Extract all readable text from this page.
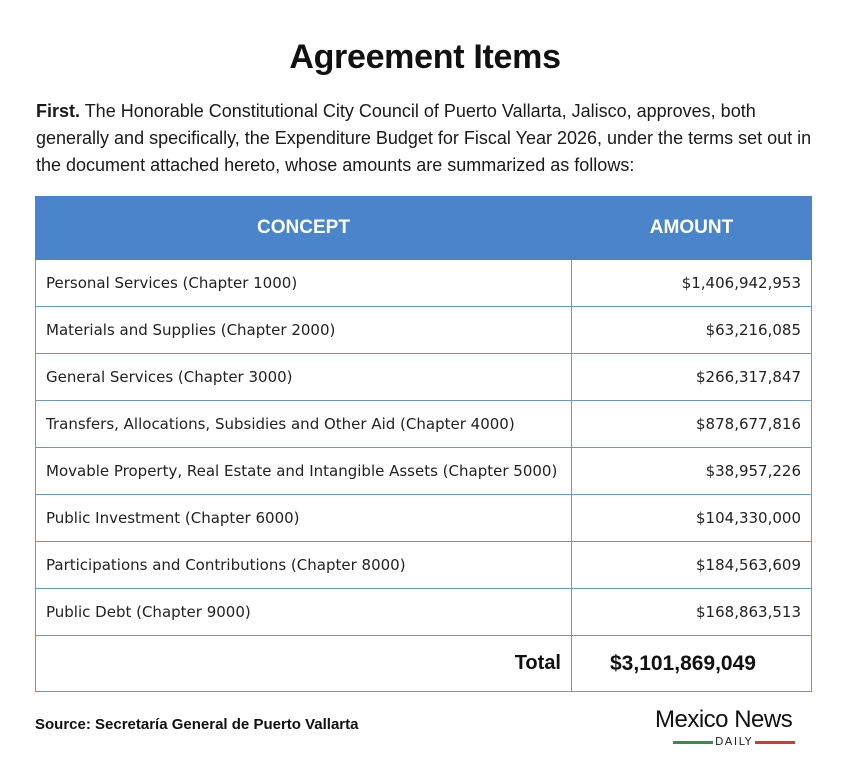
Agreement Items

First. The Honorable Constitutional City Council of Puerto Vallarta, Jalisco, approves, both generally and specifically, the Expenditure Budget for Fiscal Year 2026, under the terms set out in the document attached hereto, whose amounts are summarized as follows:

CONCEPT	AMOUNT
Personal Services (Chapter 1000)	$1,406,942,953
Materials and Supplies (Chapter 2000)	$63,216,085
General Services (Chapter 3000)	$266,317,847
Transfers, Allocations, Subsidies and Other Aid (Chapter 4000)	$878,677,816
Movable Property, Real Estate and Intangible Assets (Chapter 5000)	$38,957,226
Public Investment (Chapter 6000)	$104,330,000
Participations and Contributions (Chapter 8000)	$184,563,609
Public Debt (Chapter 9000)	$168,863,513
Total	$3,101,869,049
Source: Secretaría General de Puerto Vallarta	Mexico News
DAILY
